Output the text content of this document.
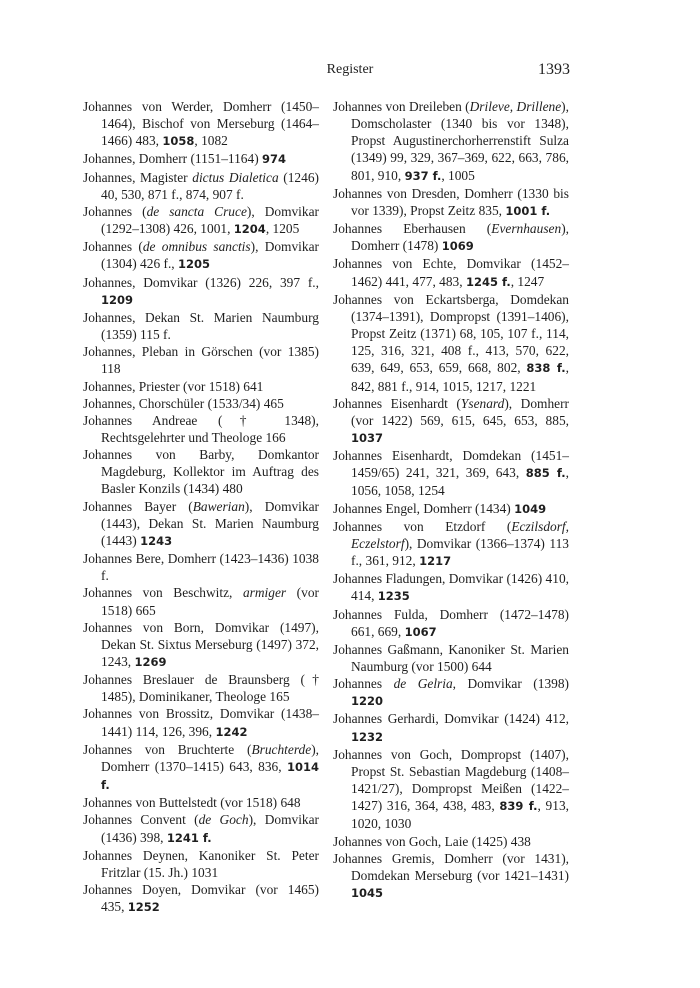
Register	1393

Johannes von Werder, Domherr (1450–1464), Bischof von Merseburg (1464–1466) 483, 1058, 1082

Johannes, Domherr (1151–1164) 974

Johannes, Magister dictus Dialetica (1246) 40, 530, 871 f., 874, 907 f.

Johannes (de sancta Cruce), Domvikar (1292–1308) 426, 1001, 1204, 1205

Johannes (de omnibus sanctis), Domvikar (1304) 426 f., 1205

Johannes, Domvikar (1326) 226, 397 f., 1209

Johannes, Dekan St. Marien Naumburg (1359) 115 f.

Johannes, Pleban in Görschen (vor 1385) 118

Johannes, Priester (vor 1518) 641

Johannes, Chorschüler (1533/34) 465

Johannes Andreae († 1348), Rechtsgelehrter und Theologe 166

Johannes von Barby, Domkantor Magdeburg, Kollektor im Auftrag des Basler Konzils (1434) 480

Johannes Bayer (Bawerian), Domvikar (1443), Dekan St. Marien Naumburg (1443) 1243

Johannes Bere, Domherr (1423–1436) 1038 f.

Johannes von Beschwitz, armiger (vor 1518) 665

Johannes von Born, Domvikar (1497), Dekan St. Sixtus Merseburg (1497) 372, 1243, 1269

Johannes Breslauer de Braunsberg († 1485), Dominikaner, Theologe 165

Johannes von Brossitz, Domvikar (1438–1441) 114, 126, 396, 1242

Johannes von Bruchterte (Bruchterde), Domherr (1370–1415) 643, 836, 1014 f.

Johannes von Buttelstedt (vor 1518) 648

Johannes Convent (de Goch), Domvikar (1436) 398, 1241 f.

Johannes Deynen, Kanoniker St. Peter Fritzlar (15. Jh.) 1031

Johannes Doyen, Domvikar (vor 1465) 435, 1252

Johannes von Dreileben (Drileve, Drillene), Domscholaster (1340 bis vor 1348), Propst Augustinerchorherrenstift Sulza (1349) 99, 329, 367–369, 622, 663, 786, 801, 910, 937 f., 1005

Johannes von Dresden, Domherr (1330 bis vor 1339), Propst Zeitz 835, 1001 f.

Johannes Eberhausen (Evernhausen), Domherr (1478) 1069

Johannes von Echte, Domvikar (1452–1462) 441, 477, 483, 1245 f., 1247

Johannes von Eckartsberga, Domdekan (1374–1391), Dompropst (1391–1406), Propst Zeitz (1371) 68, 105, 107 f., 114, 125, 316, 321, 408 f., 413, 570, 622, 639, 649, 653, 659, 668, 802, 838 f., 842, 881 f., 914, 1015, 1217, 1221

Johannes Eisenhardt (Ysenard), Domherr (vor 1422) 569, 615, 645, 653, 885, 1037

Johannes Eisenhardt, Domdekan (1451–1459/65) 241, 321, 369, 643, 885 f., 1056, 1058, 1254

Johannes Engel, Domherr (1434) 1049

Johannes von Etzdorf (Eczilsdorf, Eczelstorf), Domvikar (1366–1374) 113 f., 361, 912, 1217

Johannes Fladungen, Domvikar (1426) 410, 414, 1235

Johannes Fulda, Domherr (1472–1478) 661, 669, 1067

Johannes Gaßmann, Kanoniker St. Marien Naumburg (vor 1500) 644

Johannes de Gelria, Domvikar (1398) 1220

Johannes Gerhardi, Domvikar (1424) 412, 1232

Johannes von Goch, Dompropst (1407), Propst St. Sebastian Magdeburg (1408–1421/27), Dompropst Meißen (1422–1427) 316, 364, 438, 483, 839 f., 913, 1020, 1030

Johannes von Goch, Laie (1425) 438

Johannes Gremis, Domherr (vor 1431), Domdekan Merseburg (vor 1421–1431) 1045
